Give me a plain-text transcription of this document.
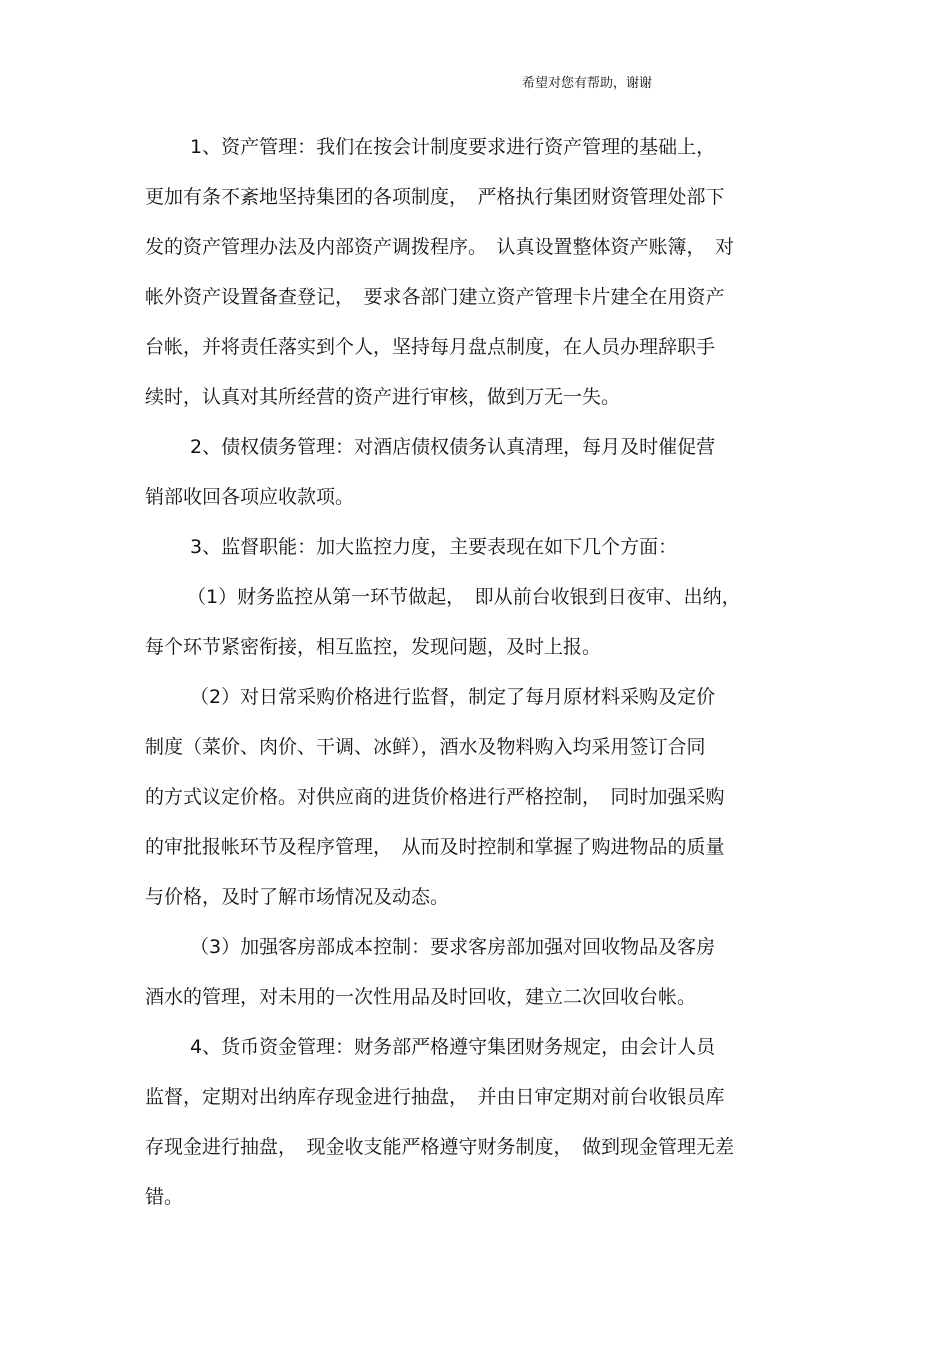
希望对您有帮助，谢谢
1、资产管理：我们在按会计制度要求进行资产管理的基础上，
更加有条不紊地坚持集团的各项制度，　严格执行集团财资管理处部下
发的资产管理办法及内部资产调拨程序。　认真设置整体资产账簿，　对
帐外资产设置备查登记，　要求各部门建立资产管理卡片建全在用资产
台帐，并将责任落实到个人，坚持每月盘点制度，在人员办理辞职手
续时，认真对其所经营的资产进行审核，做到万无一失。
2、债权债务管理：对酒店债权债务认真清理，每月及时催促营
销部收回各项应收款项。
3、监督职能：加大监控力度，主要表现在如下几个方面：
（1）财务监控从第一环节做起，　即从前台收银到日夜审、出纳，
每个环节紧密衔接，相互监控，发现问题，及时上报。
（2）对日常采购价格进行监督，制定了每月原材料采购及定价
制度（菜价、肉价、干调、冰鲜），酒水及物料购入均采用签订合同
的方式议定价格。对供应商的进货价格进行严格控制，　同时加强采购
的审批报帐环节及程序管理，　从而及时控制和掌握了购进物品的质量
与价格，及时了解市场情况及动态。
（3）加强客房部成本控制：要求客房部加强对回收物品及客房
酒水的管理，对未用的一次性用品及时回收，建立二次回收台帐。
4、货币资金管理：财务部严格遵守集团财务规定，由会计人员
监督，定期对出纳库存现金进行抽盘，　并由日审定期对前台收银员库
存现金进行抽盘，　现金收支能严格遵守财务制度，　做到现金管理无差
错。
